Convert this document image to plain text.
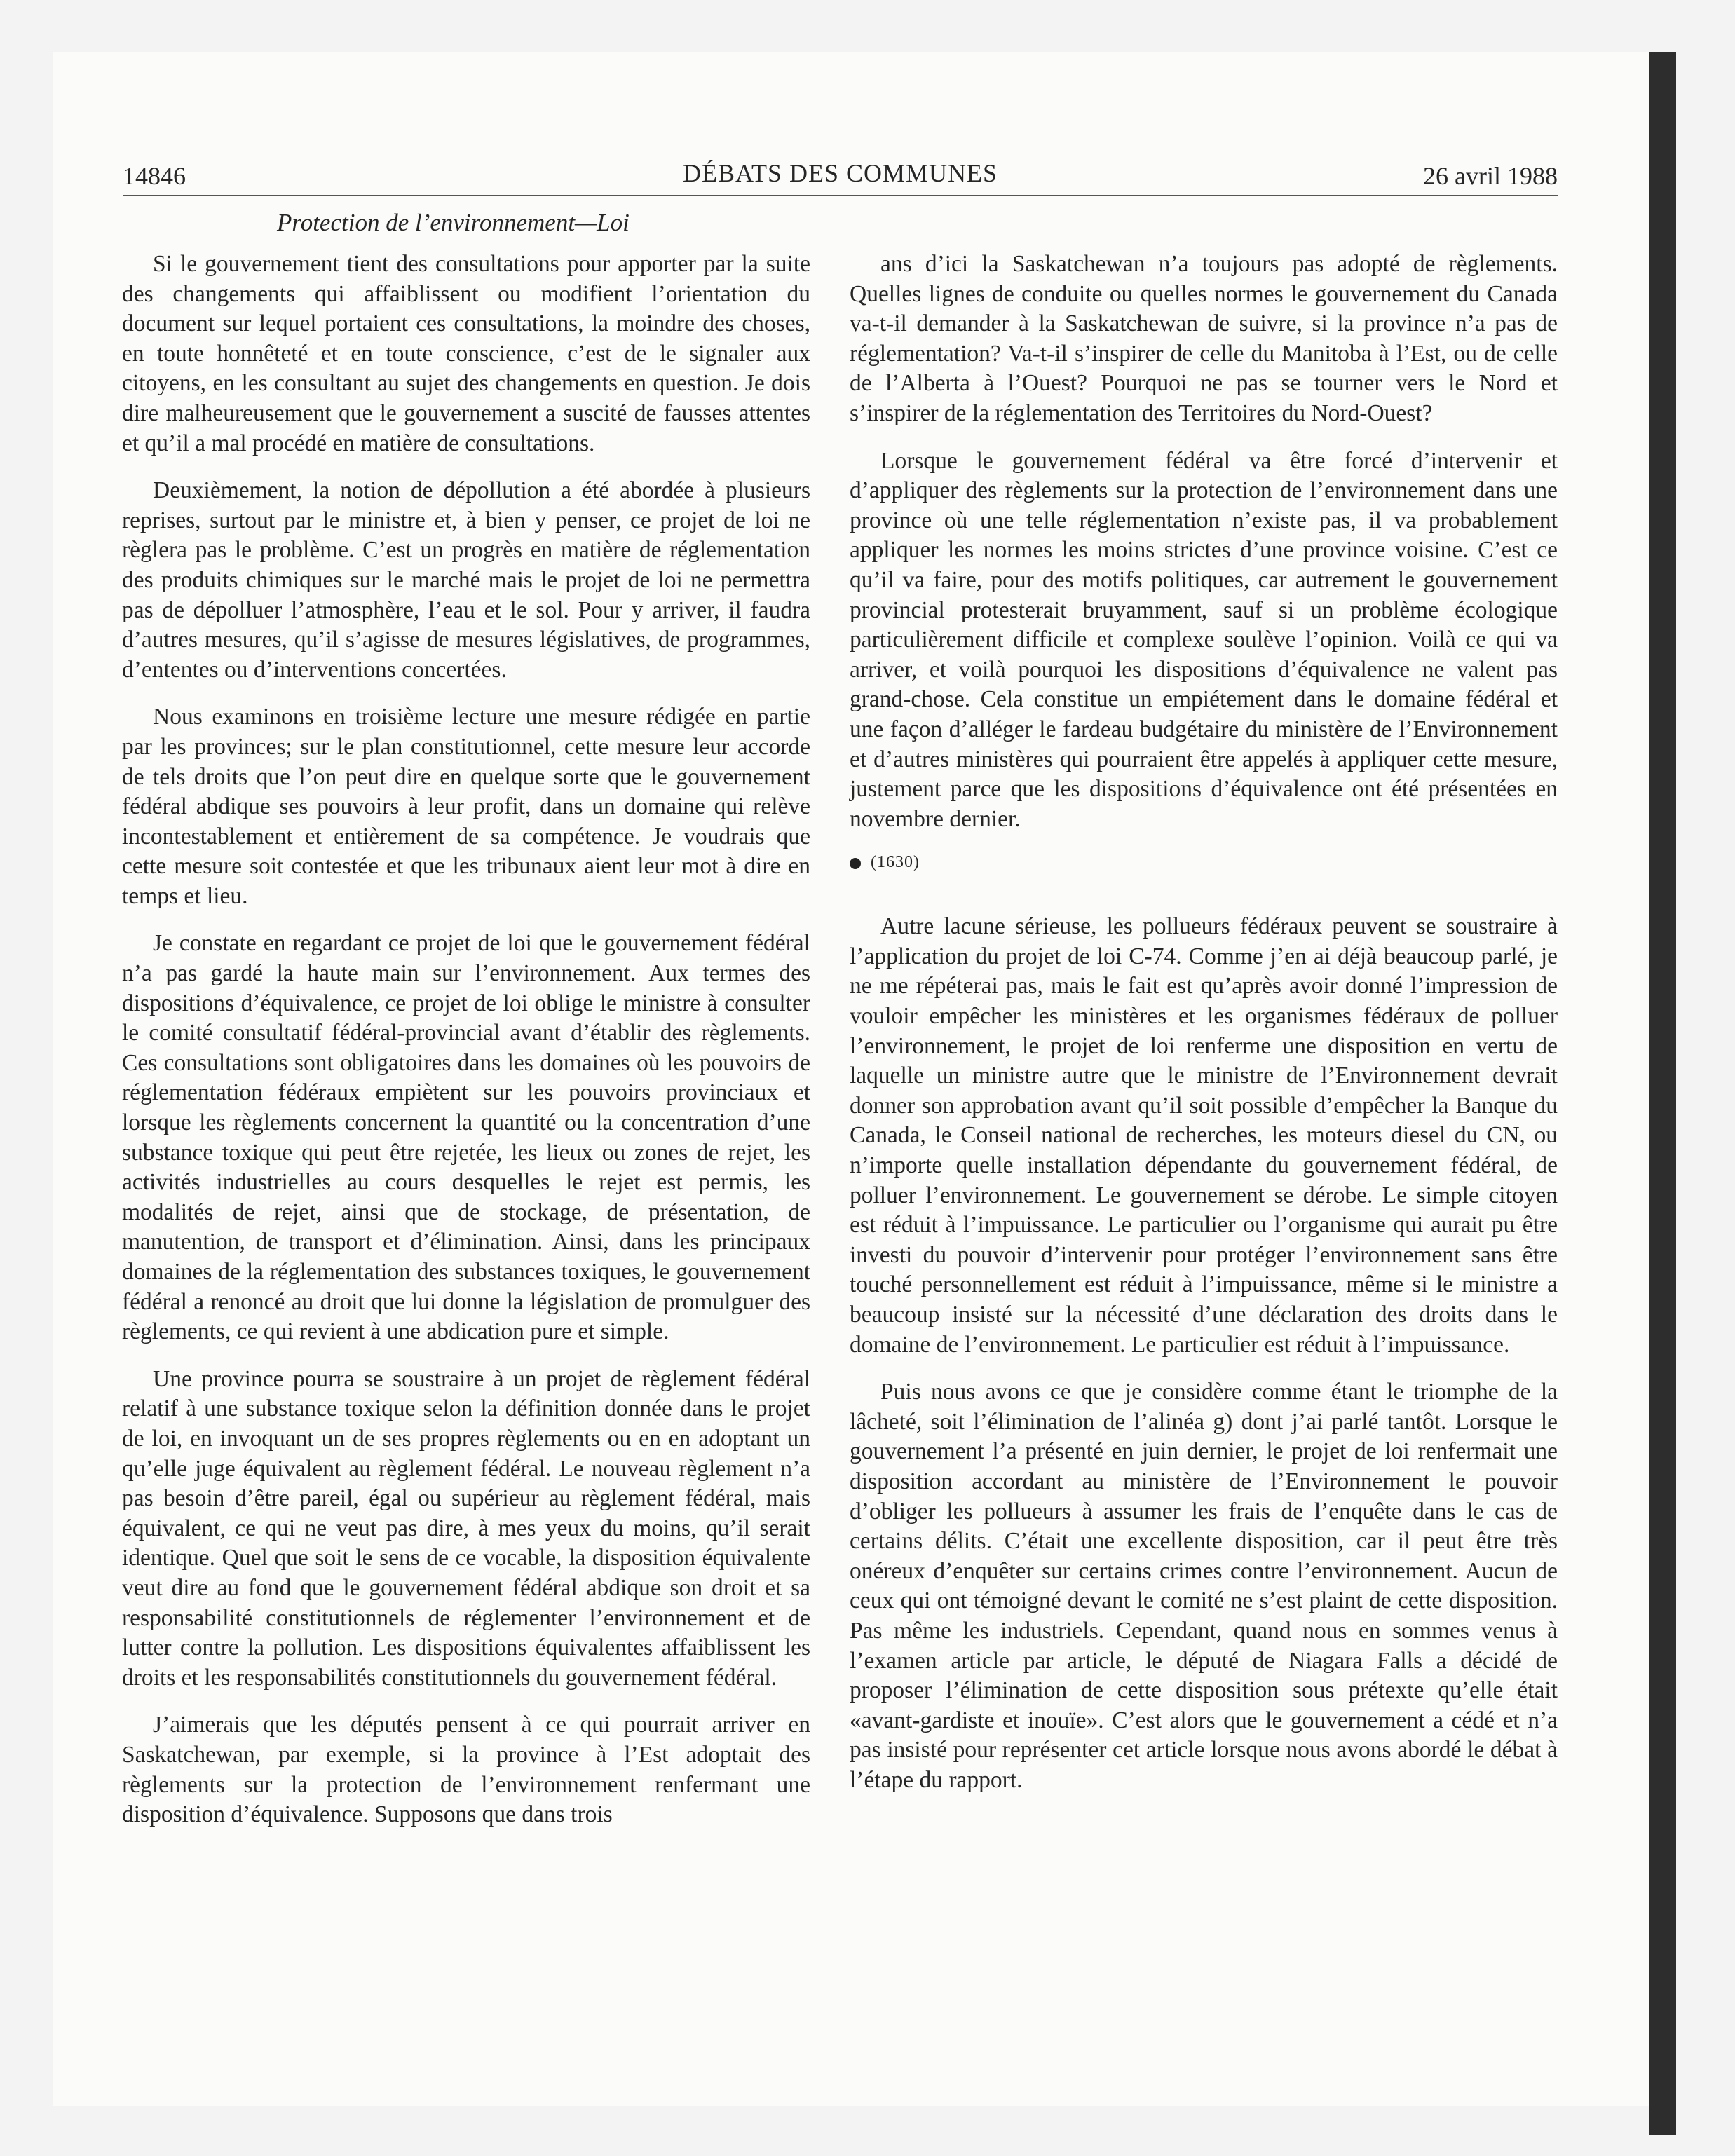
14846	DÉBATS DES COMMUNES	26 avril 1988
Protection de l’environnement—Loi

Si le gouvernement tient des consultations pour apporter par la suite des changements qui affaiblissent ou modifient l’orientation du document sur lequel portaient ces consultations, la moindre des choses, en toute honnêteté et en toute conscience, c’est de le signaler aux citoyens, en les consultant au sujet des changements en question. Je dois dire malheureusement que le gouvernement a suscité de fausses attentes et qu’il a mal procédé en matière de consultations.

Deuxièmement, la notion de dépollution a été abordée à plusieurs reprises, surtout par le ministre et, à bien y penser, ce projet de loi ne règlera pas le problème. C’est un progrès en matière de réglementation des produits chimiques sur le marché mais le projet de loi ne permettra pas de dépolluer l’atmosphère, l’eau et le sol. Pour y arriver, il faudra d’autres mesures, qu’il s’agisse de mesures législatives, de programmes, d’ententes ou d’interventions concertées.

Nous examinons en troisième lecture une mesure rédigée en partie par les provinces; sur le plan constitutionnel, cette mesure leur accorde de tels droits que l’on peut dire en quelque sorte que le gouvernement fédéral abdique ses pouvoirs à leur profit, dans un domaine qui relève incontestablement et entièrement de sa compétence. Je voudrais que cette mesure soit contestée et que les tribunaux aient leur mot à dire en temps et lieu.

Je constate en regardant ce projet de loi que le gouvernement fédéral n’a pas gardé la haute main sur l’environnement. Aux termes des dispositions d’équivalence, ce projet de loi oblige le ministre à consulter le comité consultatif fédéral-provincial avant d’établir des règlements. Ces consultations sont obligatoires dans les domaines où les pouvoirs de réglementation fédéraux empiètent sur les pouvoirs provinciaux et lorsque les règlements concernent la quantité ou la concentration d’une substance toxique qui peut être rejetée, les lieux ou zones de rejet, les activités industrielles au cours desquelles le rejet est permis, les modalités de rejet, ainsi que de stockage, de présentation, de manutention, de transport et d’élimination. Ainsi, dans les principaux domaines de la réglementation des substances toxiques, le gouvernement fédéral a renoncé au droit que lui donne la législation de promulguer des règlements, ce qui revient à une abdication pure et simple.

Une province pourra se soustraire à un projet de règlement fédéral relatif à une substance toxique selon la définition donnée dans le projet de loi, en invoquant un de ses propres règlements ou en en adoptant un qu’elle juge équivalent au règlement fédéral. Le nouveau règlement n’a pas besoin d’être pareil, égal ou supérieur au règlement fédéral, mais équivalent, ce qui ne veut pas dire, à mes yeux du moins, qu’il serait identique. Quel que soit le sens de ce vocable, la disposition équivalente veut dire au fond que le gouvernement fédéral abdique son droit et sa responsabilité constitutionnels de réglementer l’environnement et de lutter contre la pollution. Les dispositions équivalentes affaiblissent les droits et les responsabilités constitutionnels du gouvernement fédéral.

J’aimerais que les députés pensent à ce qui pourrait arriver en Saskatchewan, par exemple, si la province à l’Est adoptait des règlements sur la protection de l’environnement renfermant une disposition d’équivalence. Supposons que dans trois

ans d’ici la Saskatchewan n’a toujours pas adopté de règlements. Quelles lignes de conduite ou quelles normes le gouvernement du Canada va-t-il demander à la Saskatchewan de suivre, si la province n’a pas de réglementation? Va-t-il s’inspirer de celle du Manitoba à l’Est, ou de celle de l’Alberta à l’Ouest? Pourquoi ne pas se tourner vers le Nord et s’inspirer de la réglementation des Territoires du Nord-Ouest?

Lorsque le gouvernement fédéral va être forcé d’intervenir et d’appliquer des règlements sur la protection de l’environnement dans une province où une telle réglementation n’existe pas, il va probablement appliquer les normes les moins strictes d’une province voisine. C’est ce qu’il va faire, pour des motifs politiques, car autrement le gouvernement provincial protesterait bruyamment, sauf si un problème écologique particulièrement difficile et complexe soulève l’opinion. Voilà ce qui va arriver, et voilà pourquoi les dispositions d’équivalence ne valent pas grand-chose. Cela constitue un empiétement dans le domaine fédéral et une façon d’alléger le fardeau budgétaire du ministère de l’Environnement et d’autres ministères qui pourraient être appelés à appliquer cette mesure, justement parce que les dispositions d’équivalence ont été présentées en novembre dernier.

(1630)

Autre lacune sérieuse, les pollueurs fédéraux peuvent se soustraire à l’application du projet de loi C-74. Comme j’en ai déjà beaucoup parlé, je ne me répéterai pas, mais le fait est qu’après avoir donné l’impression de vouloir empêcher les ministères et les organismes fédéraux de polluer l’environnement, le projet de loi renferme une disposition en vertu de laquelle un ministre autre que le ministre de l’Environnement devrait donner son approbation avant qu’il soit possible d’empêcher la Banque du Canada, le Conseil national de recherches, les moteurs diesel du CN, ou n’importe quelle installation dépendante du gouvernement fédéral, de polluer l’environnement. Le gouvernement se dérobe. Le simple citoyen est réduit à l’impuissance. Le particulier ou l’organisme qui aurait pu être investi du pouvoir d’intervenir pour protéger l’environnement sans être touché personnellement est réduit à l’impuissance, même si le ministre a beaucoup insisté sur la nécessité d’une déclaration des droits dans le domaine de l’environnement. Le particulier est réduit à l’impuissance.

Puis nous avons ce que je considère comme étant le triomphe de la lâcheté, soit l’élimination de l’alinéa g) dont j’ai parlé tantôt. Lorsque le gouvernement l’a présenté en juin dernier, le projet de loi renfermait une disposition accordant au ministère de l’Environnement le pouvoir d’obliger les pollueurs à assumer les frais de l’enquête dans le cas de certains délits. C’était une excellente disposition, car il peut être très onéreux d’enquêter sur certains crimes contre l’environnement. Aucun de ceux qui ont témoigné devant le comité ne s’est plaint de cette disposition. Pas même les industriels. Cependant, quand nous en sommes venus à l’examen article par article, le député de Niagara Falls a décidé de proposer l’élimination de cette disposition sous prétexte qu’elle était «avant-gardiste et inouïe». C’est alors que le gouvernement a cédé et n’a pas insisté pour représenter cet article lorsque nous avons abordé le débat à l’étape du rapport.
